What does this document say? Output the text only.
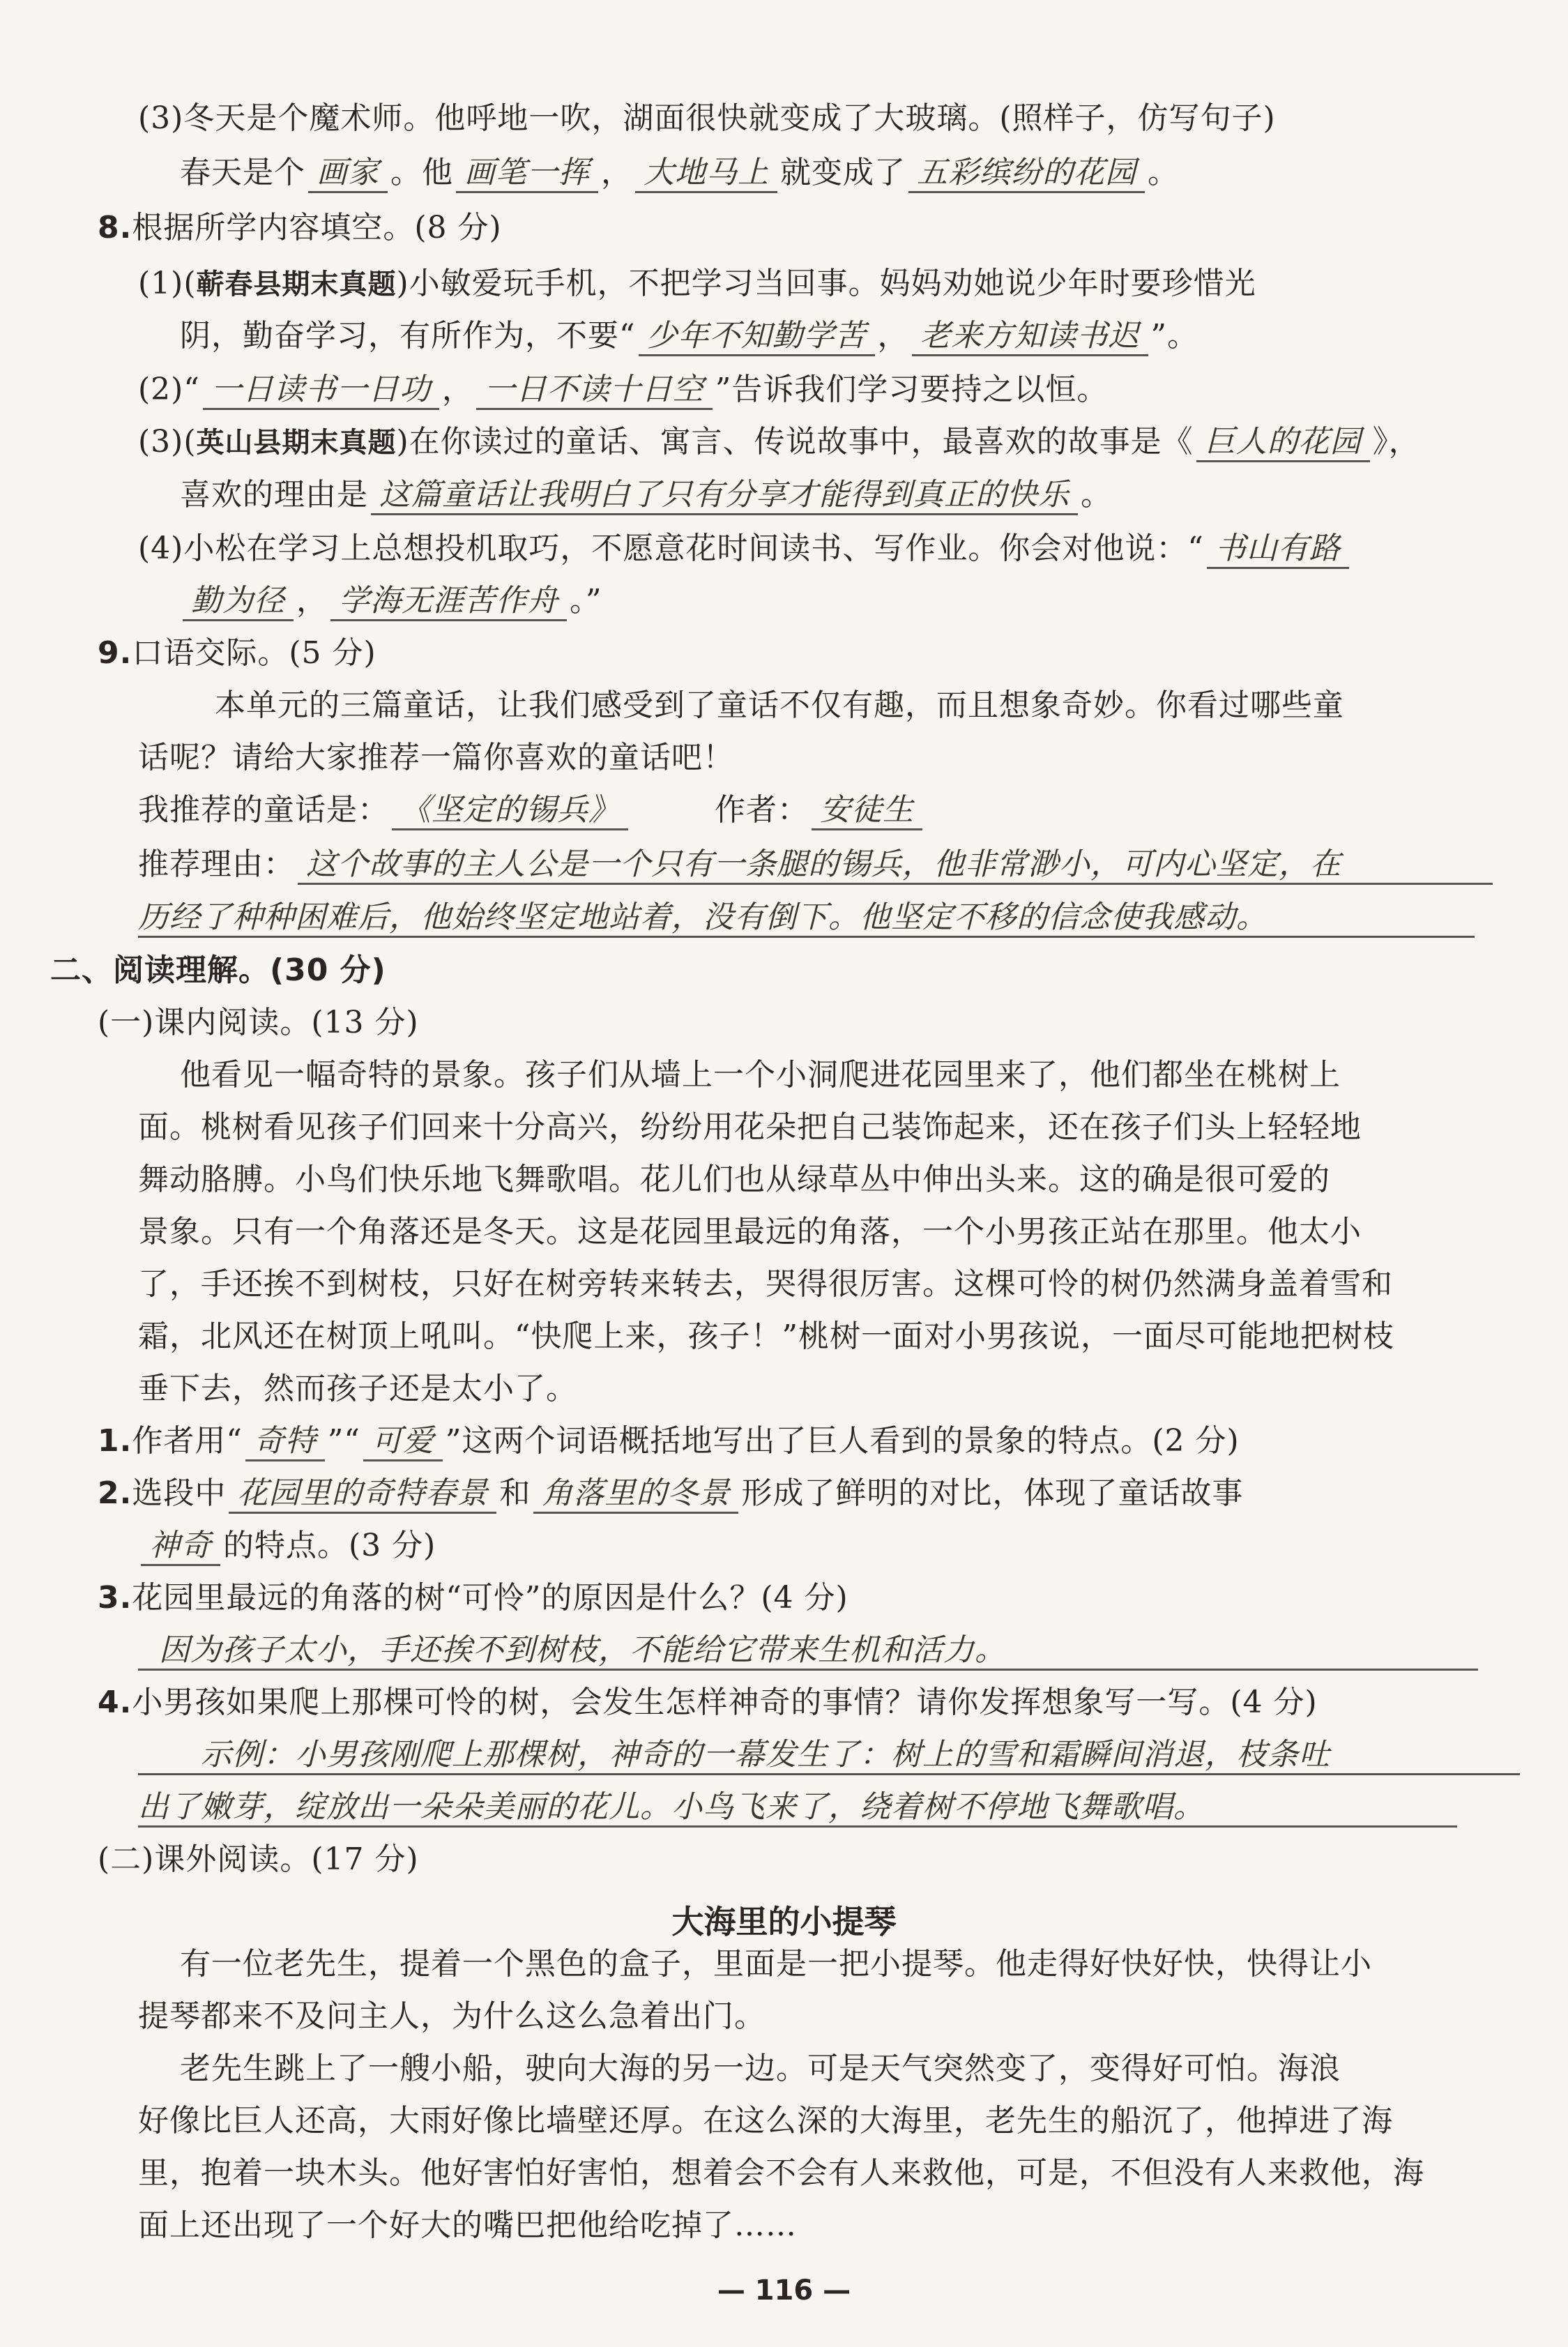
(3)冬天是个魔术师。他呼地一吹，湖面很快就变成了大玻璃。(照样子，仿写句子)
春天是个 画家 。他 画笔一挥 ， 大地马上 就变成了 五彩缤纷的花园 。
8.根据所学内容填空。(8 分)
(1)(蕲春县期末真题)小敏爱玩手机，不把学习当回事。妈妈劝她说少年时要珍惜光
阴，勤奋学习，有所作为，不要“ 少年不知勤学苦 ， 老来方知读书迟 ”。
(2)“ 一日读书一日功 ， 一日不读十日空 ”告诉我们学习要持之以恒。
(3)(英山县期末真题)在你读过的童话、寓言、传说故事中，最喜欢的故事是《 巨人的花园 》，
喜欢的理由是 这篇童话让我明白了只有分享才能得到真正的快乐 。
(4)小松在学习上总想投机取巧，不愿意花时间读书、写作业。你会对他说：“ 书山有路
勤为径 ， 学海无涯苦作舟 。”
9.口语交际。(5 分)
本单元的三篇童话，让我们感受到了童话不仅有趣，而且想象奇妙。你看过哪些童
话呢？请给大家推荐一篇你喜欢的童话吧！
我推荐的童话是： 《坚定的锡兵》	作者： 安徒生
推荐理由： 这个故事的主人公是一个只有一条腿的锡兵，他非常渺小，可内心坚定，在
历经了种种困难后，他始终坚定地站着，没有倒下。他坚定不移的信念使我感动。
二、阅读理解。(30 分)
(一)课内阅读。(13 分)
他看见一幅奇特的景象。孩子们从墙上一个小洞爬进花园里来了，他们都坐在桃树上
面。桃树看见孩子们回来十分高兴，纷纷用花朵把自己装饰起来，还在孩子们头上轻轻地
舞动胳膊。小鸟们快乐地飞舞歌唱。花儿们也从绿草丛中伸出头来。这的确是很可爱的
景象。只有一个角落还是冬天。这是花园里最远的角落，一个小男孩正站在那里。他太小
了，手还挨不到树枝，只好在树旁转来转去，哭得很厉害。这棵可怜的树仍然满身盖着雪和
霜，北风还在树顶上吼叫。“快爬上来，孩子！”桃树一面对小男孩说，一面尽可能地把树枝
垂下去，然而孩子还是太小了。
1.作者用“ 奇特 ”“ 可爱 ”这两个词语概括地写出了巨人看到的景象的特点。(2 分)
2.选段中 花园里的奇特春景 和 角落里的冬景 形成了鲜明的对比，体现了童话故事
神奇 的特点。(3 分)
3.花园里最远的角落的树“可怜”的原因是什么？(4 分)
因为孩子太小，手还挨不到树枝，不能给它带来生机和活力。
4.小男孩如果爬上那棵可怜的树，会发生怎样神奇的事情？请你发挥想象写一写。(4 分)
示例：小男孩刚爬上那棵树，神奇的一幕发生了：树上的雪和霜瞬间消退，枝条吐
出了嫩芽，绽放出一朵朵美丽的花儿。小鸟飞来了，绕着树不停地飞舞歌唱。
(二)课外阅读。(17 分)
大海里的小提琴
有一位老先生，提着一个黑色的盒子，里面是一把小提琴。他走得好快好快，快得让小
提琴都来不及问主人，为什么这么急着出门。
老先生跳上了一艘小船，驶向大海的另一边。可是天气突然变了，变得好可怕。海浪
好像比巨人还高，大雨好像比墙壁还厚。在这么深的大海里，老先生的船沉了，他掉进了海
里，抱着一块木头。他好害怕好害怕，想着会不会有人来救他，可是，不但没有人来救他，海
面上还出现了一个好大的嘴巴把他给吃掉了……
— 116 —
